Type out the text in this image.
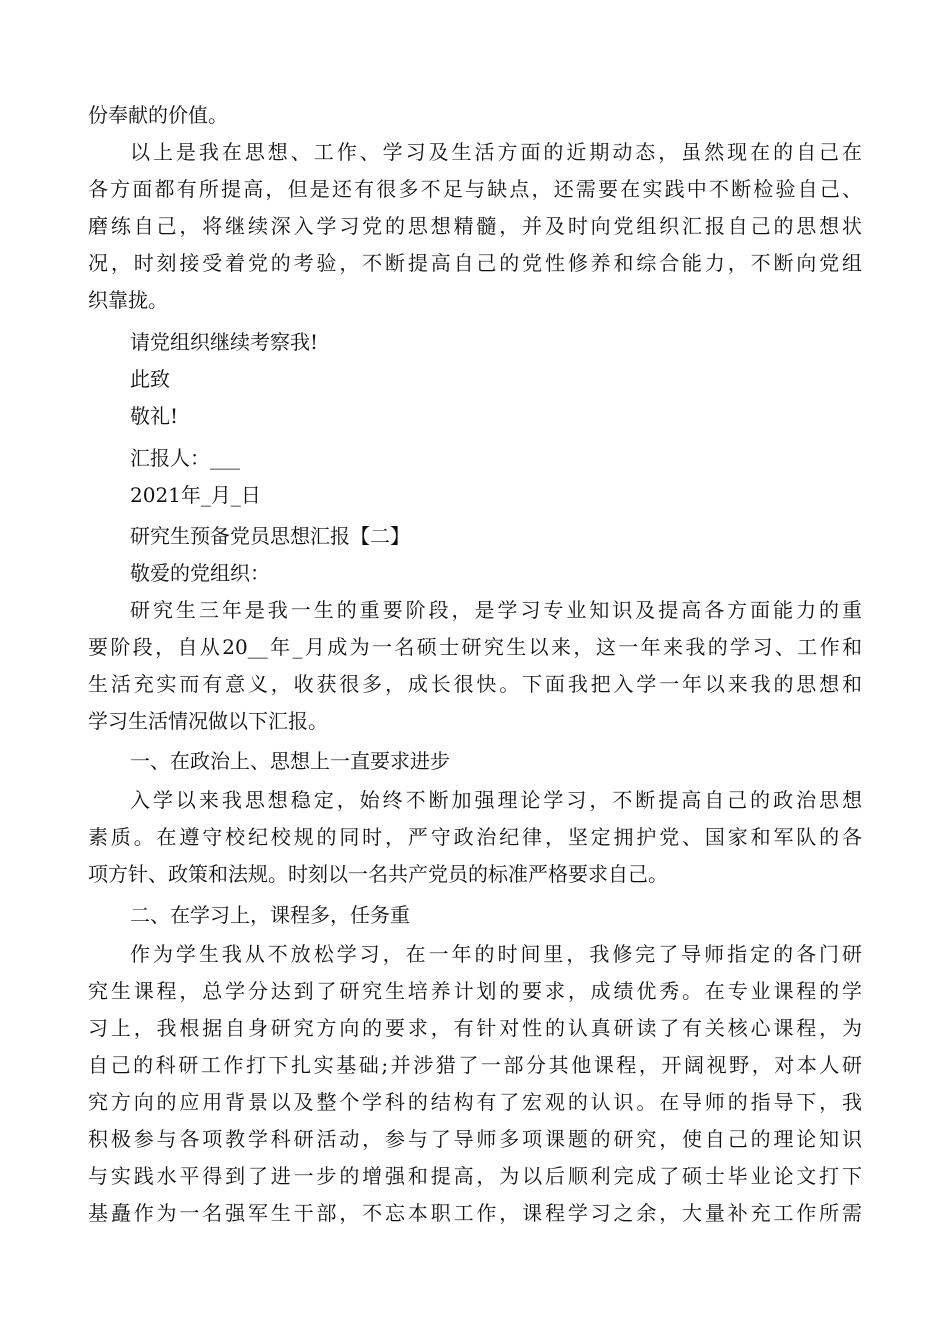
份奉献的价值。
以上是我在思想、工作、学习及生活方面的近期动态，虽然现在的自己在
各方面都有所提高，但是还有很多不足与缺点，还需要在实践中不断检验自己、
磨练自己，将继续深入学习党的思想精髓，并及时向党组织汇报自己的思想状
况，时刻接受着党的考验，不断提高自己的党性修养和综合能力，不断向党组
织靠拢。
请党组织继续考察我!
此致
敬礼!
汇报人：___
2021年_月_日
研究生预备党员思想汇报【二】
敬爱的党组织：
研究生三年是我一生的重要阶段，是学习专业知识及提高各方面能力的重
要阶段，自从20__年_月成为一名硕士研究生以来，这一年来我的学习、工作和
生活充实而有意义，收获很多，成长很快。下面我把入学一年以来我的思想和
学习生活情况做以下汇报。
一、在政治上、思想上一直要求进步
入学以来我思想稳定，始终不断加强理论学习，不断提高自己的政治思想
素质。在遵守校纪校规的同时，严守政治纪律，坚定拥护党、国家和军队的各
项方针、政策和法规。时刻以一名共产党员的标准严格要求自己。
二、在学习上，课程多，任务重
作为学生我从不放松学习，在一年的时间里，我修完了导师指定的各门研
究生课程，总学分达到了研究生培养计划的要求，成绩优秀。在专业课程的学
习上，我根据自身研究方向的要求，有针对性的认真研读了有关核心课程，为
自己的科研工作打下扎实基础;并涉猎了一部分其他课程，开阔视野，对本人研
究方向的应用背景以及整个学科的结构有了宏观的认识。在导师的指导下，我
积极参与各项教学科研活动，参与了导师多项课题的研究，使自己的理论知识
与实践水平得到了进一步的增强和提高，为以后顺利完成了硕士毕业论文打下
基矗作为一名强军生干部，不忘本职工作，课程学习之余，大量补充工作所需
